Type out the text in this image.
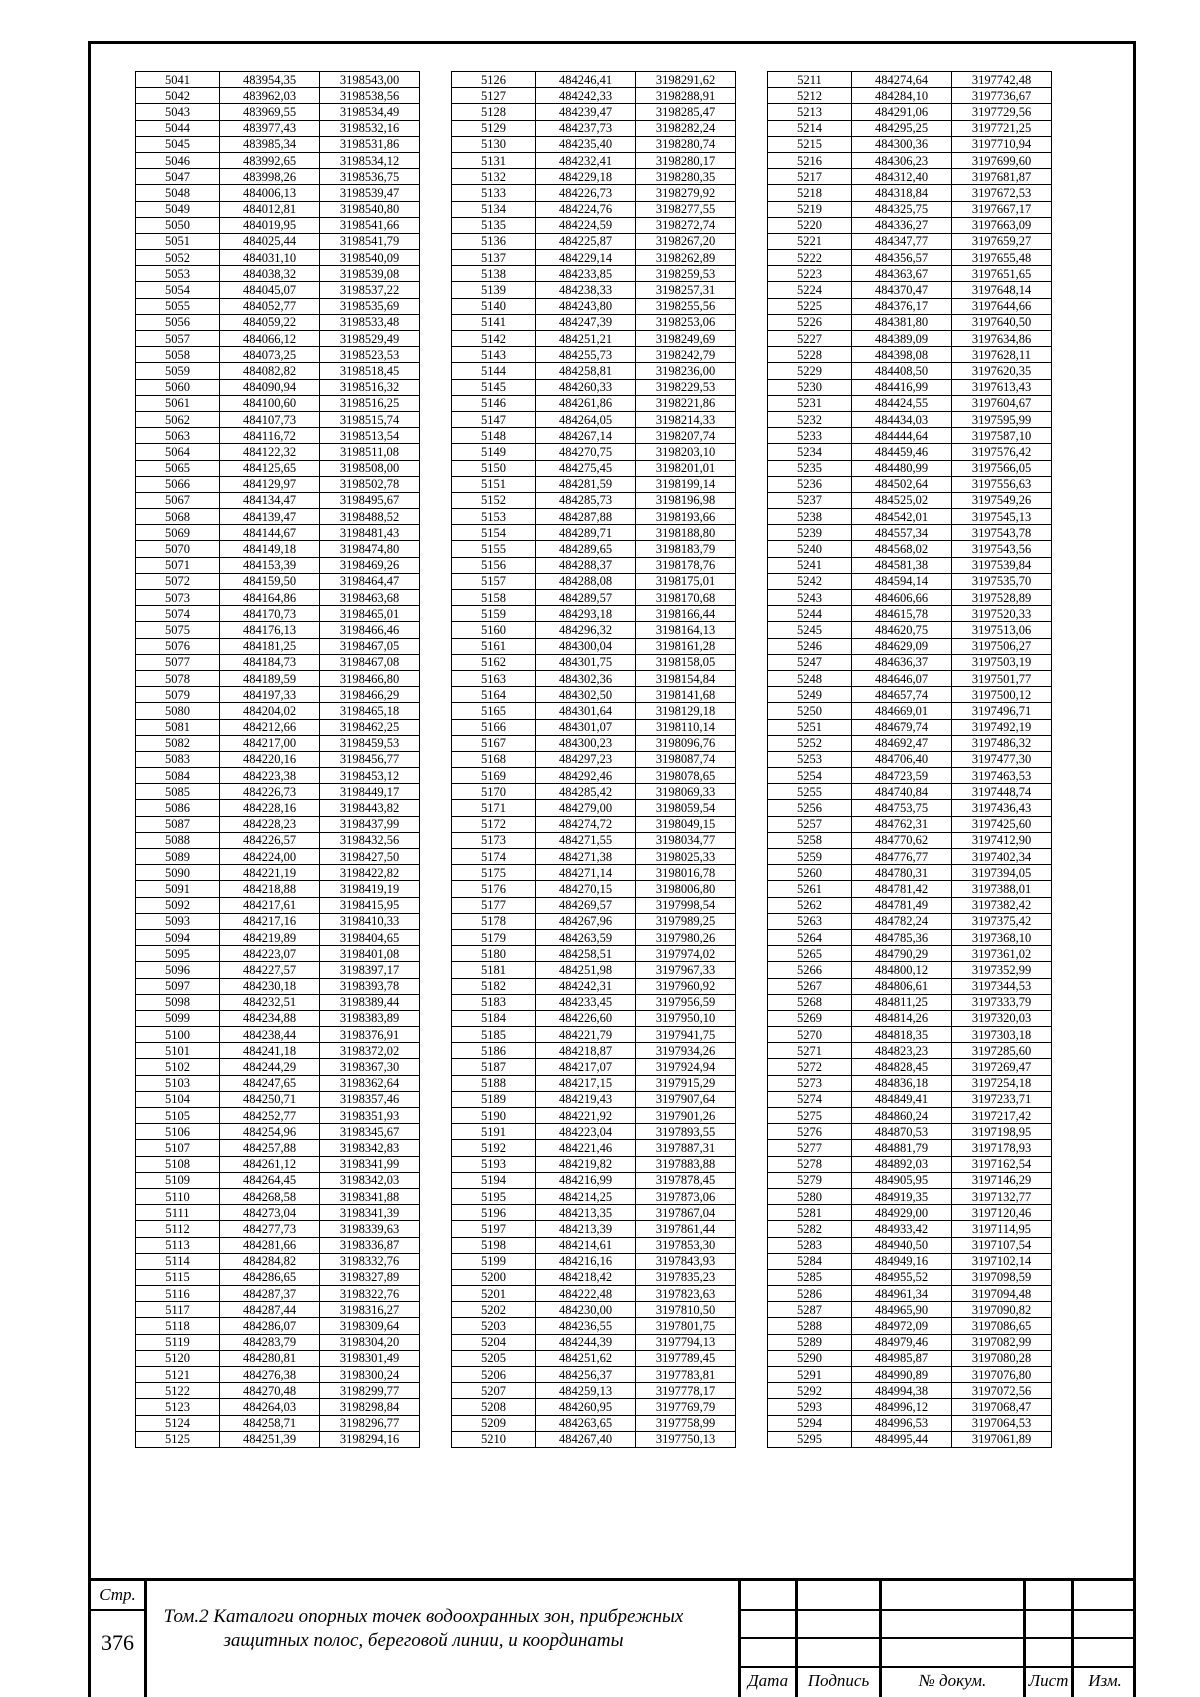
5041	483954,35	3198543,00
5042	483962,03	3198538,56
5043	483969,55	3198534,49
5044	483977,43	3198532,16
5045	483985,34	3198531,86
5046	483992,65	3198534,12
5047	483998,26	3198536,75
5048	484006,13	3198539,47
5049	484012,81	3198540,80
5050	484019,95	3198541,66
5051	484025,44	3198541,79
5052	484031,10	3198540,09
5053	484038,32	3198539,08
5054	484045,07	3198537,22
5055	484052,77	3198535,69
5056	484059,22	3198533,48
5057	484066,12	3198529,49
5058	484073,25	3198523,53
5059	484082,82	3198518,45
5060	484090,94	3198516,32
5061	484100,60	3198516,25
5062	484107,73	3198515,74
5063	484116,72	3198513,54
5064	484122,32	3198511,08
5065	484125,65	3198508,00
5066	484129,97	3198502,78
5067	484134,47	3198495,67
5068	484139,47	3198488,52
5069	484144,67	3198481,43
5070	484149,18	3198474,80
5071	484153,39	3198469,26
5072	484159,50	3198464,47
5073	484164,86	3198463,68
5074	484170,73	3198465,01
5075	484176,13	3198466,46
5076	484181,25	3198467,05
5077	484184,73	3198467,08
5078	484189,59	3198466,80
5079	484197,33	3198466,29
5080	484204,02	3198465,18
5081	484212,66	3198462,25
5082	484217,00	3198459,53
5083	484220,16	3198456,77
5084	484223,38	3198453,12
5085	484226,73	3198449,17
5086	484228,16	3198443,82
5087	484228,23	3198437,99
5088	484226,57	3198432,56
5089	484224,00	3198427,50
5090	484221,19	3198422,82
5091	484218,88	3198419,19
5092	484217,61	3198415,95
5093	484217,16	3198410,33
5094	484219,89	3198404,65
5095	484223,07	3198401,08
5096	484227,57	3198397,17
5097	484230,18	3198393,78
5098	484232,51	3198389,44
5099	484234,88	3198383,89
5100	484238,44	3198376,91
5101	484241,18	3198372,02
5102	484244,29	3198367,30
5103	484247,65	3198362,64
5104	484250,71	3198357,46
5105	484252,77	3198351,93
5106	484254,96	3198345,67
5107	484257,88	3198342,83
5108	484261,12	3198341,99
5109	484264,45	3198342,03
5110	484268,58	3198341,88
5111	484273,04	3198341,39
5112	484277,73	3198339,63
5113	484281,66	3198336,87
5114	484284,82	3198332,76
5115	484286,65	3198327,89
5116	484287,37	3198322,76
5117	484287,44	3198316,27
5118	484286,07	3198309,64
5119	484283,79	3198304,20
5120	484280,81	3198301,49
5121	484276,38	3198300,24
5122	484270,48	3198299,77
5123	484264,03	3198298,84
5124	484258,71	3198296,77
5125	484251,39	3198294,16
5126	484246,41	3198291,62
5127	484242,33	3198288,91
5128	484239,47	3198285,47
5129	484237,73	3198282,24
5130	484235,40	3198280,74
5131	484232,41	3198280,17
5132	484229,18	3198280,35
5133	484226,73	3198279,92
5134	484224,76	3198277,55
5135	484224,59	3198272,74
5136	484225,87	3198267,20
5137	484229,14	3198262,89
5138	484233,85	3198259,53
5139	484238,33	3198257,31
5140	484243,80	3198255,56
5141	484247,39	3198253,06
5142	484251,21	3198249,69
5143	484255,73	3198242,79
5144	484258,81	3198236,00
5145	484260,33	3198229,53
5146	484261,86	3198221,86
5147	484264,05	3198214,33
5148	484267,14	3198207,74
5149	484270,75	3198203,10
5150	484275,45	3198201,01
5151	484281,59	3198199,14
5152	484285,73	3198196,98
5153	484287,88	3198193,66
5154	484289,71	3198188,80
5155	484289,65	3198183,79
5156	484288,37	3198178,76
5157	484288,08	3198175,01
5158	484289,57	3198170,68
5159	484293,18	3198166,44
5160	484296,32	3198164,13
5161	484300,04	3198161,28
5162	484301,75	3198158,05
5163	484302,36	3198154,84
5164	484302,50	3198141,68
5165	484301,64	3198129,18
5166	484301,07	3198110,14
5167	484300,23	3198096,76
5168	484297,23	3198087,74
5169	484292,46	3198078,65
5170	484285,42	3198069,33
5171	484279,00	3198059,54
5172	484274,72	3198049,15
5173	484271,55	3198034,77
5174	484271,38	3198025,33
5175	484271,14	3198016,78
5176	484270,15	3198006,80
5177	484269,57	3197998,54
5178	484267,96	3197989,25
5179	484263,59	3197980,26
5180	484258,51	3197974,02
5181	484251,98	3197967,33
5182	484242,31	3197960,92
5183	484233,45	3197956,59
5184	484226,60	3197950,10
5185	484221,79	3197941,75
5186	484218,87	3197934,26
5187	484217,07	3197924,94
5188	484217,15	3197915,29
5189	484219,43	3197907,64
5190	484221,92	3197901,26
5191	484223,04	3197893,55
5192	484221,46	3197887,31
5193	484219,82	3197883,88
5194	484216,99	3197878,45
5195	484214,25	3197873,06
5196	484213,35	3197867,04
5197	484213,39	3197861,44
5198	484214,61	3197853,30
5199	484216,16	3197843,93
5200	484218,42	3197835,23
5201	484222,48	3197823,63
5202	484230,00	3197810,50
5203	484236,55	3197801,75
5204	484244,39	3197794,13
5205	484251,62	3197789,45
5206	484256,37	3197783,81
5207	484259,13	3197778,17
5208	484260,95	3197769,79
5209	484263,65	3197758,99
5210	484267,40	3197750,13
5211	484274,64	3197742,48
5212	484284,10	3197736,67
5213	484291,06	3197729,56
5214	484295,25	3197721,25
5215	484300,36	3197710,94
5216	484306,23	3197699,60
5217	484312,40	3197681,87
5218	484318,84	3197672,53
5219	484325,75	3197667,17
5220	484336,27	3197663,09
5221	484347,77	3197659,27
5222	484356,57	3197655,48
5223	484363,67	3197651,65
5224	484370,47	3197648,14
5225	484376,17	3197644,66
5226	484381,80	3197640,50
5227	484389,09	3197634,86
5228	484398,08	3197628,11
5229	484408,50	3197620,35
5230	484416,99	3197613,43
5231	484424,55	3197604,67
5232	484434,03	3197595,99
5233	484444,64	3197587,10
5234	484459,46	3197576,42
5235	484480,99	3197566,05
5236	484502,64	3197556,63
5237	484525,02	3197549,26
5238	484542,01	3197545,13
5239	484557,34	3197543,78
5240	484568,02	3197543,56
5241	484581,38	3197539,84
5242	484594,14	3197535,70
5243	484606,66	3197528,89
5244	484615,78	3197520,33
5245	484620,75	3197513,06
5246	484629,09	3197506,27
5247	484636,37	3197503,19
5248	484646,07	3197501,77
5249	484657,74	3197500,12
5250	484669,01	3197496,71
5251	484679,74	3197492,19
5252	484692,47	3197486,32
5253	484706,40	3197477,30
5254	484723,59	3197463,53
5255	484740,84	3197448,74
5256	484753,75	3197436,43
5257	484762,31	3197425,60
5258	484770,62	3197412,90
5259	484776,77	3197402,34
5260	484780,31	3197394,05
5261	484781,42	3197388,01
5262	484781,49	3197382,42
5263	484782,24	3197375,42
5264	484785,36	3197368,10
5265	484790,29	3197361,02
5266	484800,12	3197352,99
5267	484806,61	3197344,53
5268	484811,25	3197333,79
5269	484814,26	3197320,03
5270	484818,35	3197303,18
5271	484823,23	3197285,60
5272	484828,45	3197269,47
5273	484836,18	3197254,18
5274	484849,41	3197233,71
5275	484860,24	3197217,42
5276	484870,53	3197198,95
5277	484881,79	3197178,93
5278	484892,03	3197162,54
5279	484905,95	3197146,29
5280	484919,35	3197132,77
5281	484929,00	3197120,46
5282	484933,42	3197114,95
5283	484940,50	3197107,54
5284	484949,16	3197102,14
5285	484955,52	3197098,59
5286	484961,34	3197094,48
5287	484965,90	3197090,82
5288	484972,09	3197086,65
5289	484979,46	3197082,99
5290	484985,87	3197080,28
5291	484990,89	3197076,80
5292	484994,38	3197072,56
5293	484996,12	3197068,47
5294	484996,53	3197064,53
5295	484995,44	3197061,89
Стр.
376
Том.2 Каталоги опорных точек водоохранных зон, прибрежных
защитных полос, береговой линии, и координаты
Дата	Подпись	№ докум.	Лист	Изм.
